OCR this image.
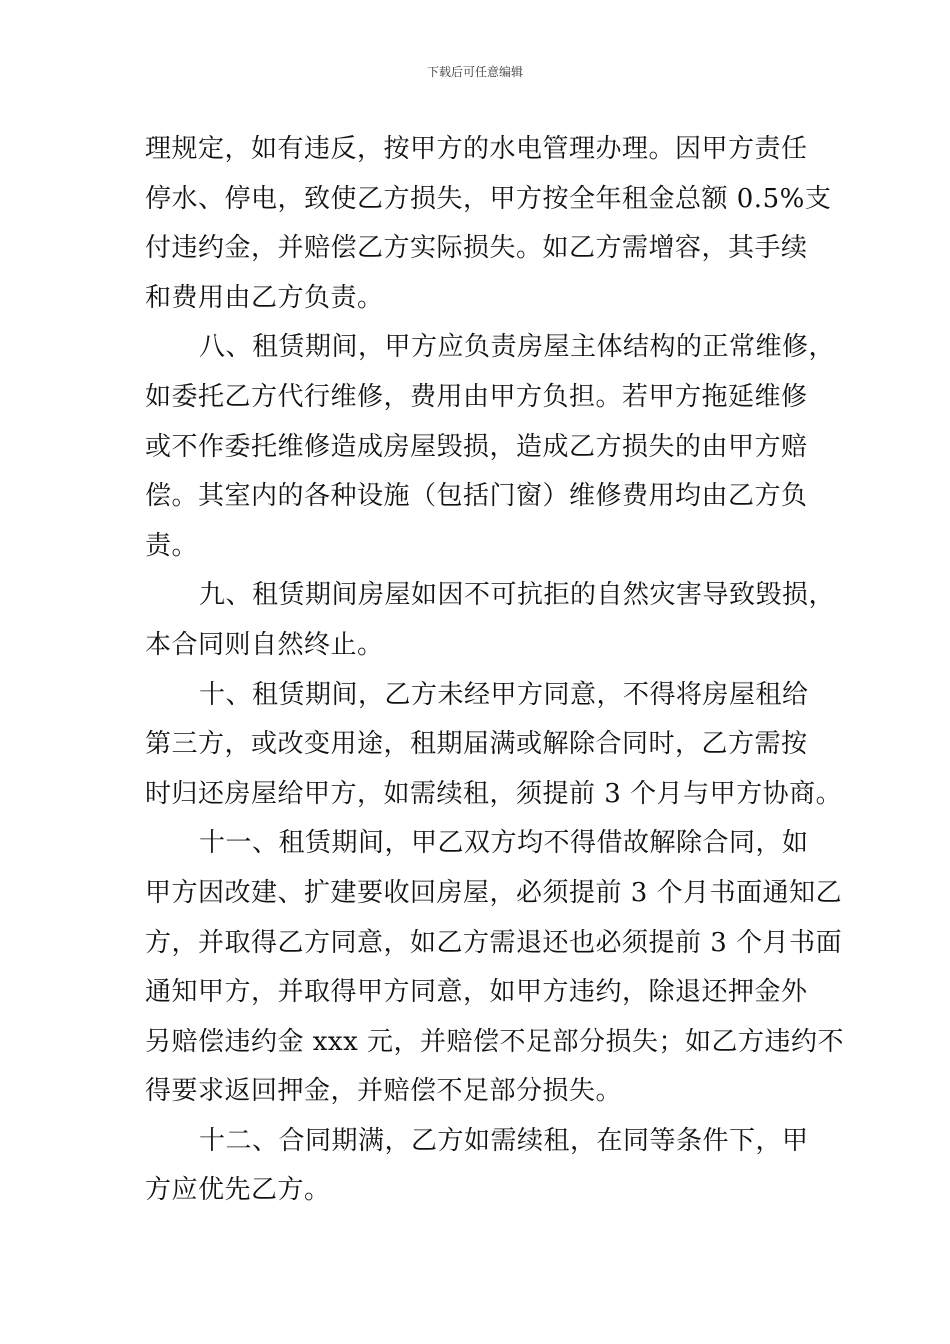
下载后可任意编辑
理规定，如有违反，按甲方的水电管理办理。因甲方责任
停水、停电，致使乙方损失，甲方按全年租金总额 0.5%支
付违约金，并赔偿乙方实际损失。如乙方需增容，其手续
和费用由乙方负责。
八、租赁期间，甲方应负责房屋主体结构的正常维修，
如委托乙方代行维修，费用由甲方负担。若甲方拖延维修
或不作委托维修造成房屋毁损，造成乙方损失的由甲方赔
偿。其室内的各种设施（包括门窗）维修费用均由乙方负
责。
九、租赁期间房屋如因不可抗拒的自然灾害导致毁损，
本合同则自然终止。
十、租赁期间，乙方未经甲方同意，不得将房屋租给
第三方，或改变用途，租期届满或解除合同时，乙方需按
时归还房屋给甲方，如需续租，须提前 3 个月与甲方协商。
十一、租赁期间，甲乙双方均不得借故解除合同，如
甲方因改建、扩建要收回房屋，必须提前 3 个月书面通知乙
方，并取得乙方同意，如乙方需退还也必须提前 3 个月书面
通知甲方，并取得甲方同意，如甲方违约，除退还押金外
另赔偿违约金 xxx 元，并赔偿不足部分损失；如乙方违约不
得要求返回押金，并赔偿不足部分损失。
十二、合同期满，乙方如需续租，在同等条件下，甲
方应优先乙方。
